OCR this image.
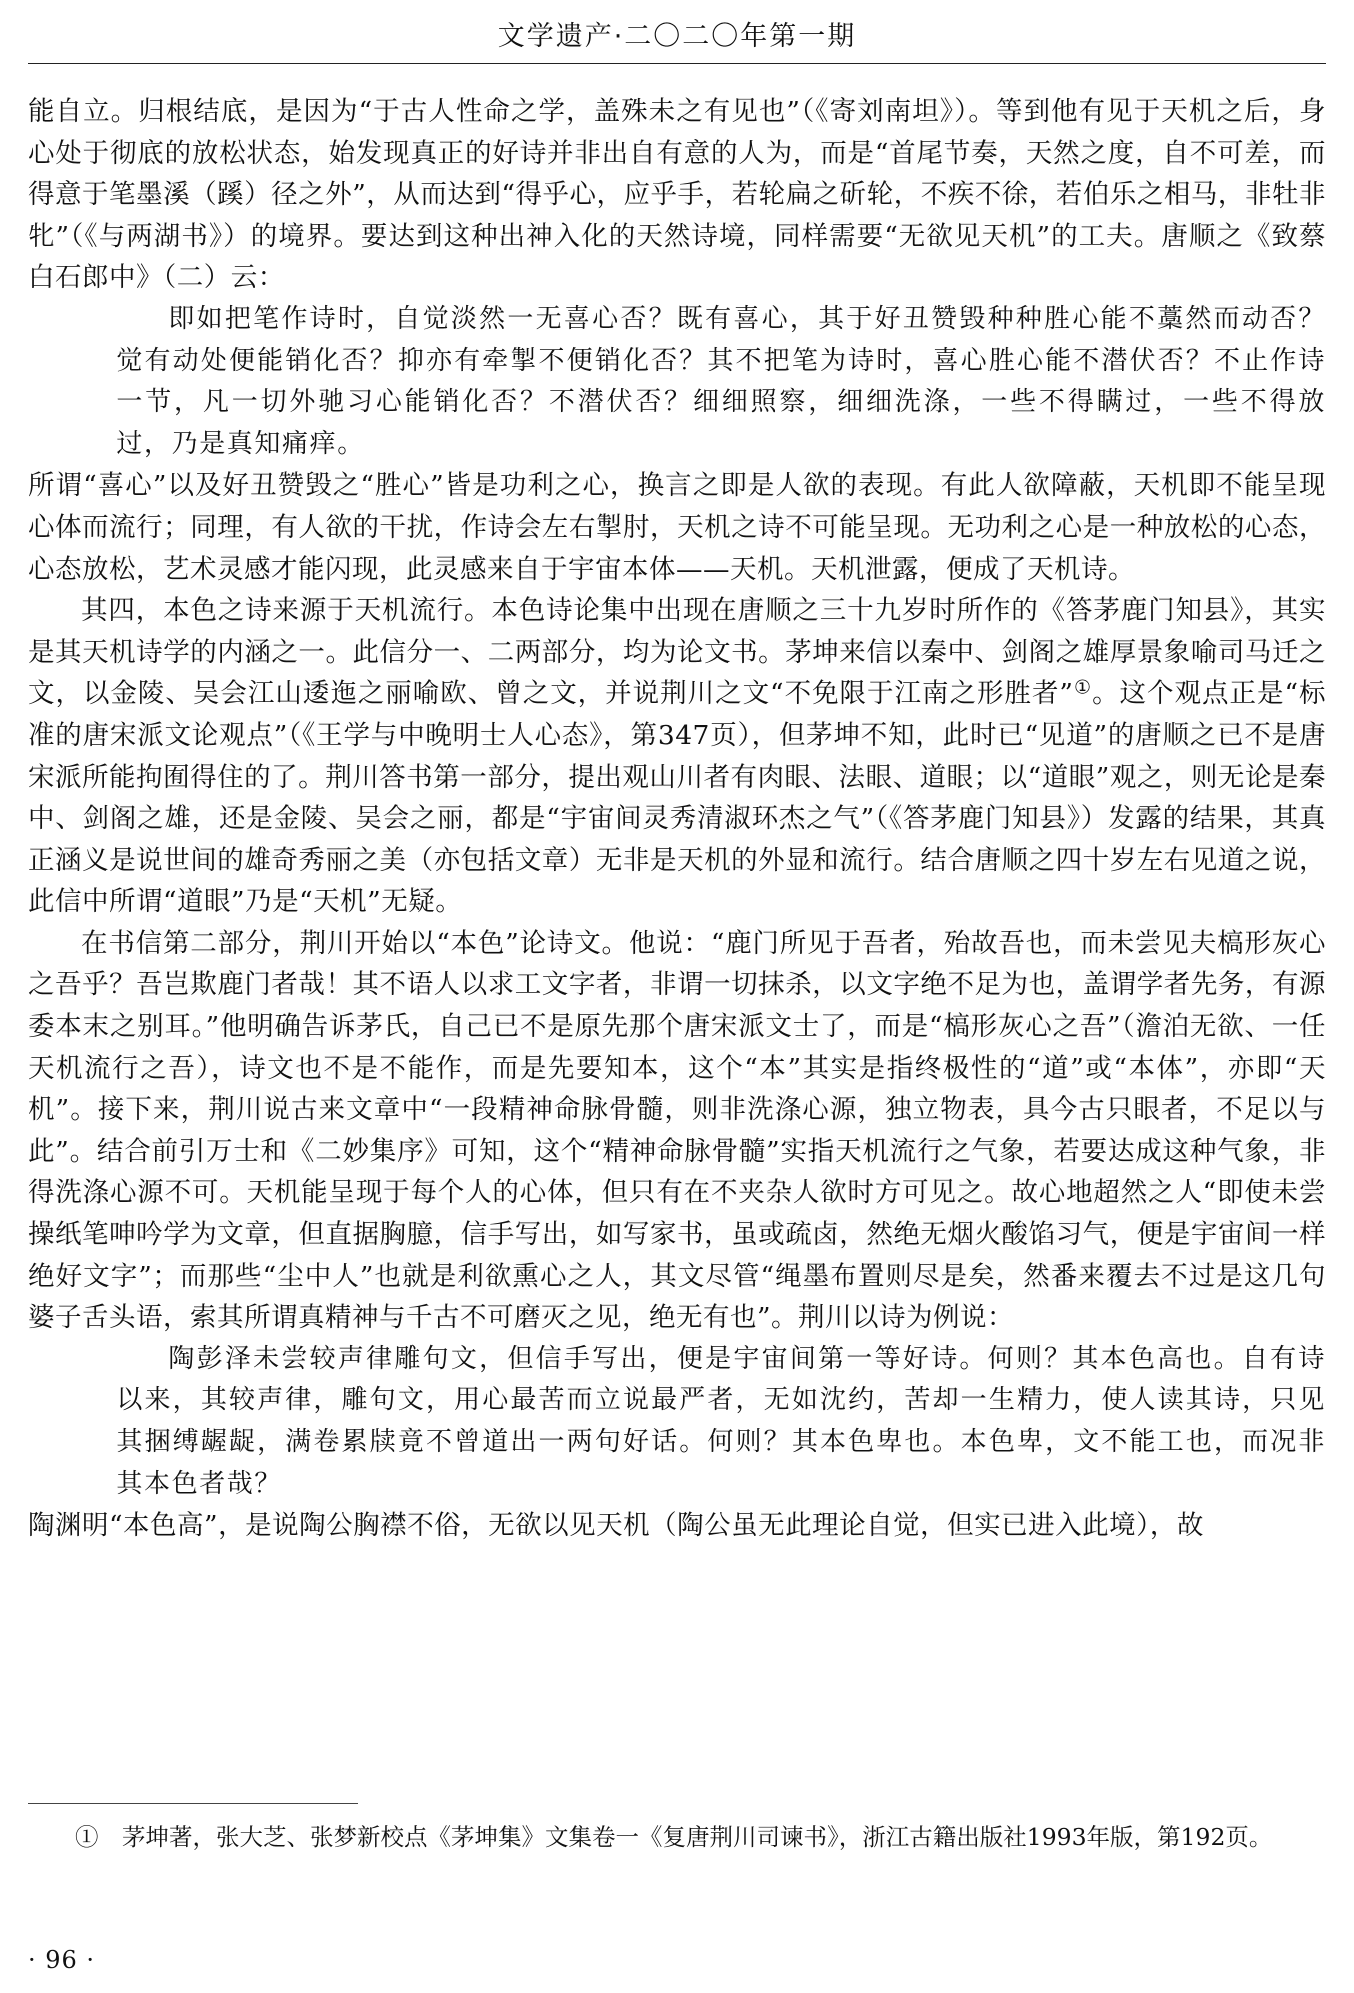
文学遗产·二〇二〇年第一期

能自立。归根结底，是因为“于古人性命之学，盖殊未之有见也”（《寄刘南坦》）。等到他有见于天机之后，身心处于彻底的放松状态，始发现真正的好诗并非出自有意的人为，而是“首尾节奏，天然之度，自不可差，而得意于笔墨溪（蹊）径之外”，从而达到“得乎心，应乎手，若轮扁之斫轮，不疾不徐，若伯乐之相马，非牡非牝”（《与两湖书》）的境界。要达到这种出神入化的天然诗境，同样需要“无欲见天机”的工夫。唐顺之《致蔡白石郎中》（二）云：

即如把笔作诗时，自觉淡然一无喜心否？既有喜心，其于好丑赞毁种种胜心能不藁然而动否？觉有动处便能销化否？抑亦有牵掣不便销化否？其不把笔为诗时，喜心胜心能不潜伏否？不止作诗一节，凡一切外驰习心能销化否？不潜伏否？细细照察，细细洗涤，一些不得瞒过，一些不得放过，乃是真知痛痒。

所谓“喜心”以及好丑赞毁之“胜心”皆是功利之心，换言之即是人欲的表现。有此人欲障蔽，天机即不能呈现心体而流行；同理，有人欲的干扰，作诗会左右掣肘，天机之诗不可能呈现。无功利之心是一种放松的心态，心态放松，艺术灵感才能闪现，此灵感来自于宇宙本体——天机。天机泄露，便成了天机诗。

其四，本色之诗来源于天机流行。本色诗论集中出现在唐顺之三十九岁时所作的《答茅鹿门知县》，其实是其天机诗学的内涵之一。此信分一、二两部分，均为论文书。茅坤来信以秦中、剑阁之雄厚景象喻司马迁之文，以金陵、吴会江山逶迤之丽喻欧、曾之文，并说荆川之文“不免限于江南之形胜者”①。这个观点正是“标准的唐宋派文论观点”（《王学与中晚明士人心态》，第347页），但茅坤不知，此时已“见道”的唐顺之已不是唐宋派所能拘囿得住的了。荆川答书第一部分，提出观山川者有肉眼、法眼、道眼；以“道眼”观之，则无论是秦中、剑阁之雄，还是金陵、吴会之丽，都是“宇宙间灵秀清淑环杰之气”（《答茅鹿门知县》）发露的结果，其真正涵义是说世间的雄奇秀丽之美（亦包括文章）无非是天机的外显和流行。结合唐顺之四十岁左右见道之说，此信中所谓“道眼”乃是“天机”无疑。

在书信第二部分，荆川开始以“本色”论诗文。他说：“鹿门所见于吾者，殆故吾也，而未尝见夫槁形灰心之吾乎？吾岂欺鹿门者哉！其不语人以求工文字者，非谓一切抹杀，以文字绝不足为也，盖谓学者先务，有源委本末之别耳。”他明确告诉茅氏，自己已不是原先那个唐宋派文士了，而是“槁形灰心之吾”（澹泊无欲、一任天机流行之吾），诗文也不是不能作，而是先要知本，这个“本”其实是指终极性的“道”或“本体”，亦即“天机”。接下来，荆川说古来文章中“一段精神命脉骨髓，则非洗涤心源，独立物表，具今古只眼者，不足以与此”。结合前引万士和《二妙集序》可知，这个“精神命脉骨髓”实指天机流行之气象，若要达成这种气象，非得洗涤心源不可。天机能呈现于每个人的心体，但只有在不夹杂人欲时方可见之。故心地超然之人“即使未尝操纸笔呻吟学为文章，但直据胸臆，信手写出，如写家书，虽或疏卤，然绝无烟火酸馅习气，便是宇宙间一样绝好文字”；而那些“尘中人”也就是利欲熏心之人，其文尽管“绳墨布置则尽是矣，然番来覆去不过是这几句婆子舌头语，索其所谓真精神与千古不可磨灭之见，绝无有也”。荆川以诗为例说：

陶彭泽未尝较声律雕句文，但信手写出，便是宇宙间第一等好诗。何则？其本色高也。自有诗以来，其较声律，雕句文，用心最苦而立说最严者，无如沈约，苦却一生精力，使人读其诗，只见其捆缚龌龊，满卷累牍竟不曾道出一两句好话。何则？其本色卑也。本色卑，文不能工也，而况非其本色者哉？

陶渊明“本色高”，是说陶公胸襟不俗，无欲以见天机（陶公虽无此理论自觉，但实已进入此境），故

①　茅坤著，张大芝、张梦新校点《茅坤集》文集卷一《复唐荆川司谏书》，浙江古籍出版社1993年版，第192页。

· 96 ·
